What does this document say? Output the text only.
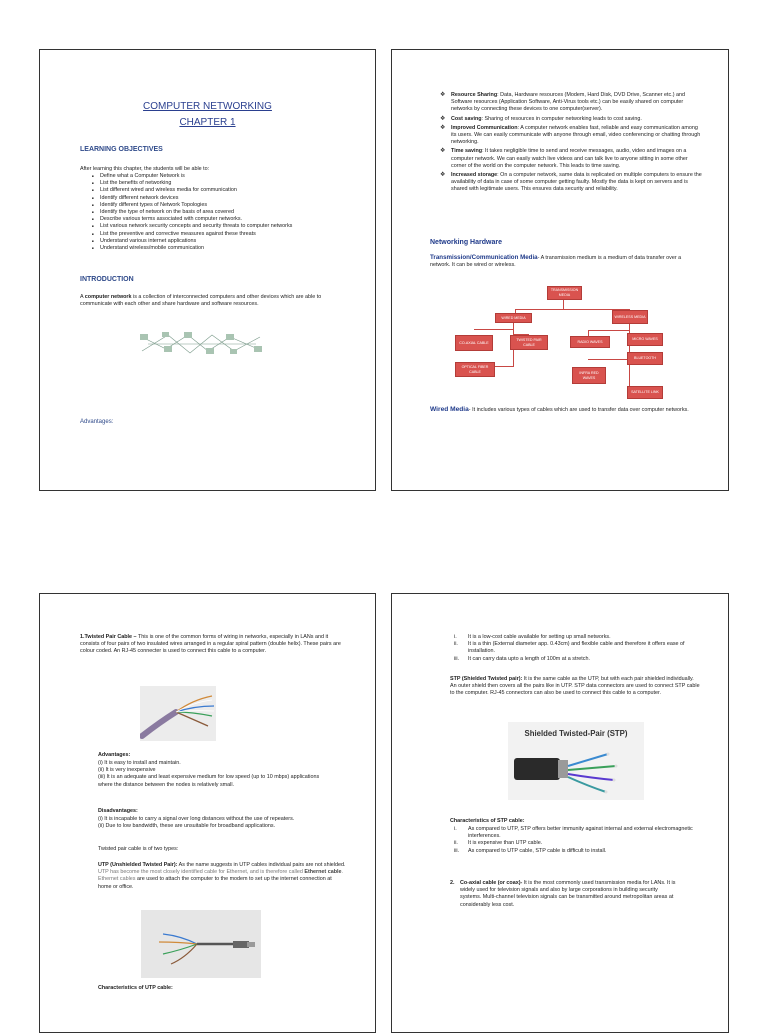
COMPUTER NETWORKING
CHAPTER 1
LEARNING OBJECTIVES
After learning this chapter, the students will be able to:
■ Define what a Computer Network is
■ List the benefits of networking
■ List different wired and wireless media for communication
■ Identify different network devices
■ Identify different types of Network Topologies
■ Identify the type of network on the basis of area covered
■ Describe various terms associated with computer networks.
■ List various network security concepts and security threats to computer networks
■ List the preventive and corrective measures against these threats
■ Understand various internet applications
■ Understand wireless/mobile communication
INTRODUCTION
A computer network is a collection of interconnected computers and other devices which are able to communicate with each other and share hardware and software resources.
Advantages:
❖ Resource Sharing: Data, Hardware resources (Modem, Hard Disk, DVD Drive, Scanner etc.) and Software resources (Application Software, Anti-Virus tools etc.) can be easily shared on computer networks by connecting these devices to one computer(server).
❖ Cost saving: Sharing of resources in computer networking leads to cost saving.
❖ Improved Communication: A computer network enables fast, reliable and easy communication among its users. We can easily communicate with anyone through email, video conferencing or chatting through networking.
❖ Time saving: It takes negligible time to send and receive messages, audio, video and images on a computer network. We can easily watch live videos and can talk live to anyone sitting in some other corner of the world on the computer network. This leads to time saving.
❖ Increased storage: On a computer network, same data is replicated on multiple computers to ensure the availability of data in case of some computer getting faulty. Mostly the data is kept on servers and is shared with legitimate users. This ensures data security and reliability.
Networking Hardware
Transmission/Communication Media- A transmission medium is a medium of data transfer over a network. It can be wired or wireless.
TRANSMISSION MEDIA
WIRED MEDIA	WIRELESS MEDIA
CO-AXIAL CABLE
TWISTED PAIR CABLE
OPTICAL FIBER CABLE
RADIO WAVES
MICRO WAVES
BLUETOOTH
INFRA RED WAVES
SATELLITE LINK
Wired Media- It includes various types of cables which are used to transfer data over computer networks.
1.Twisted Pair Cable – This is one of the common forms of wiring in networks, especially in LANs and it consists of four pairs of two insulated wires arranged in a regular spiral pattern (double helix). These pairs are colour coded. An RJ-45 connecter is used to connect this cable to a computer.
Advantages:
(i) It is easy to install and maintain.
(ii) It is very inexpensive
(iii) It is an adequate and least expensive medium for low speed (up to 10 mbps) applications where the distance between the nodes is relatively small.
Disadvantages:
(i) It is incapable to carry a signal over long distances without the use of repeaters.
(ii) Due to low bandwidth, these are unsuitable for broadband applications.
Twisted pair cable is of two types:
UTP (Unshielded Twisted Pair): As the name suggests in UTP cables individual pairs are not shielded. UTP has become the most closely identified cable for Ethernet, and is therefore called Ethernet cable. Ethernet cables are used to attach the computer to the modem to set up the internet connection at home or office.
Characteristics of UTP cable:
i. It is a low-cost cable available for setting up small networks.
ii. It is a thin (External diameter app. 0.43cm) and flexible cable and therefore it offers ease of installation.
iii. It can carry data upto a length of 100m at a stretch.
STP (Shielded Twisted pair): It is the same cable as the UTP, but with each pair shielded individually. An outer shield then covers all the pairs like in UTP. STP data connectors are used to connect STP cable to the computer. RJ-45 connectors can also be used to connect this cable to a computer.
Shielded Twisted-Pair (STP)
Characteristics of STP cable:
i. As compared to UTP, STP offers better immunity against internal and external electromagnetic interferences.
ii. It is expensive than UTP cable.
iii. As compared to UTP cable, STP cable is difficult to install.
2.	Co-axial cable (or coax)- It is the most commonly used transmission media for LANs. It is widely used for television signals and also by large corporations in building security systems. Multi-channel television signals can be transmitted around metropolitan areas at considerably less cost.
